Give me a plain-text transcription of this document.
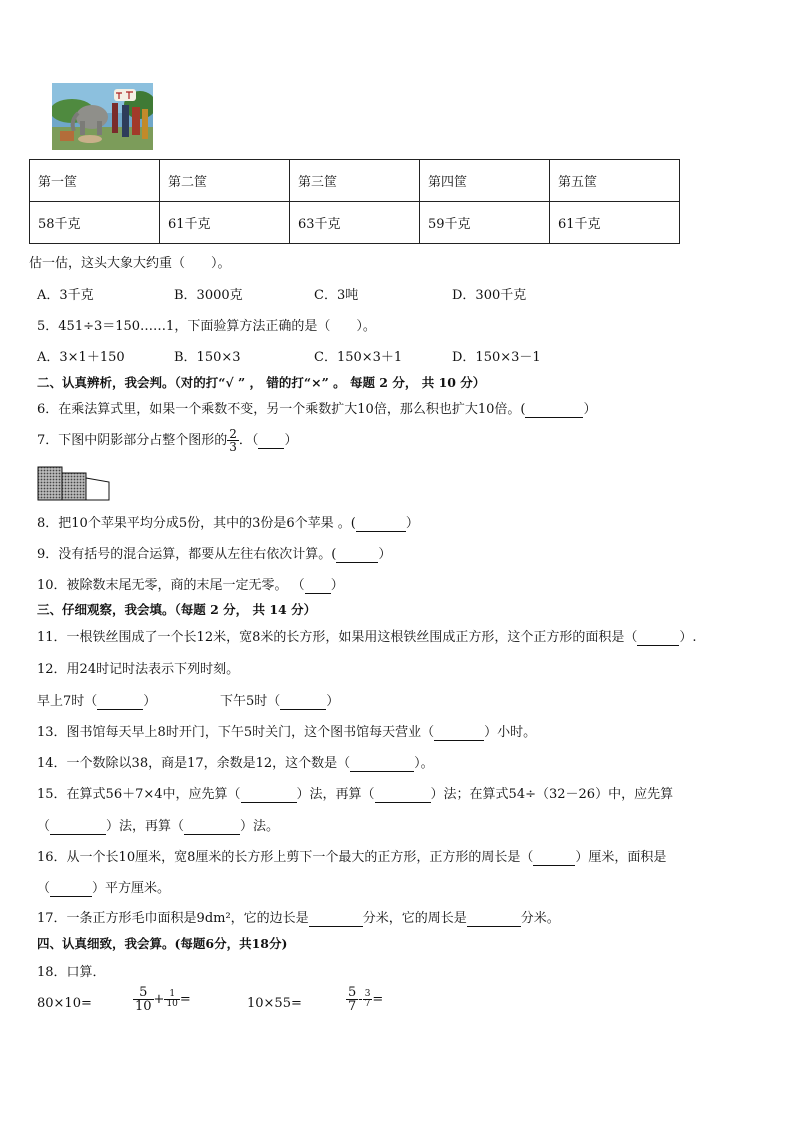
第一筐	第二筐	第三筐	第四筐	第五筐
58千克	61千克	63千克	59千克	61千克
估一估，这头大象大约重（　　）。
A．3千克	B．3000克	C．3吨	D．300千克
5．451÷3＝150……1，下面验算方法正确的是（　　）。
A．3×1＋150	B．150×3	C．150×3＋1	D．150×3－1
二、认真辨析，我会判。（对的打“√ ” ， 错的打“×” 。 每题 2 分， 共 10 分）
6．在乘法算式里，如果一个乘数不变，另一个乘数扩大10倍，那么积也扩大10倍。(	）
7．下图中阴影部分占整个图形的 $\frac{2}{3}$ ．（ ）
8．把10个苹果平均分成5份，其中的3份是6个苹果 。(	）
9．没有括号的混合运算，都要从左往右依次计算。(	）
10．被除数末尾无零，商的末尾一定无零。 （ ）
三、仔细观察，我会填。（每题 2 分， 共 14 分）
11．一根铁丝围成了一个长12米，宽8米的长方形，如果用这根铁丝围成正方形，这个正方形的面积是（	）.
12．用24时记时法表示下列时刻。
早上7时（	）	下午5时（	）
13．图书馆每天早上8时开门，下午5时关门，这个图书馆每天营业（	）小时。
14．一个数除以38，商是17，余数是12，这个数是（	）。
15．在算式56＋7×4中，应先算（	）法，再算（	）法；在算式54÷（32－26）中，应先算
（	）法，再算（	）法。
16．从一个长10厘米，宽8厘米的长方形上剪下一个最大的正方形，正方形的周长是（	）厘米，面积是
（	）平方厘米。
17．一条正方形毛巾面积是9dm²，它的边长是	分米，它的周长是	分米。
四、认真细致，我会算。(每题6分，共18分)
18．口算．
80×10=	$\frac{5}{10} + \frac{1}{10}$ =	10×55=	$\frac{5}{7} - \frac{3}{7}$ =
